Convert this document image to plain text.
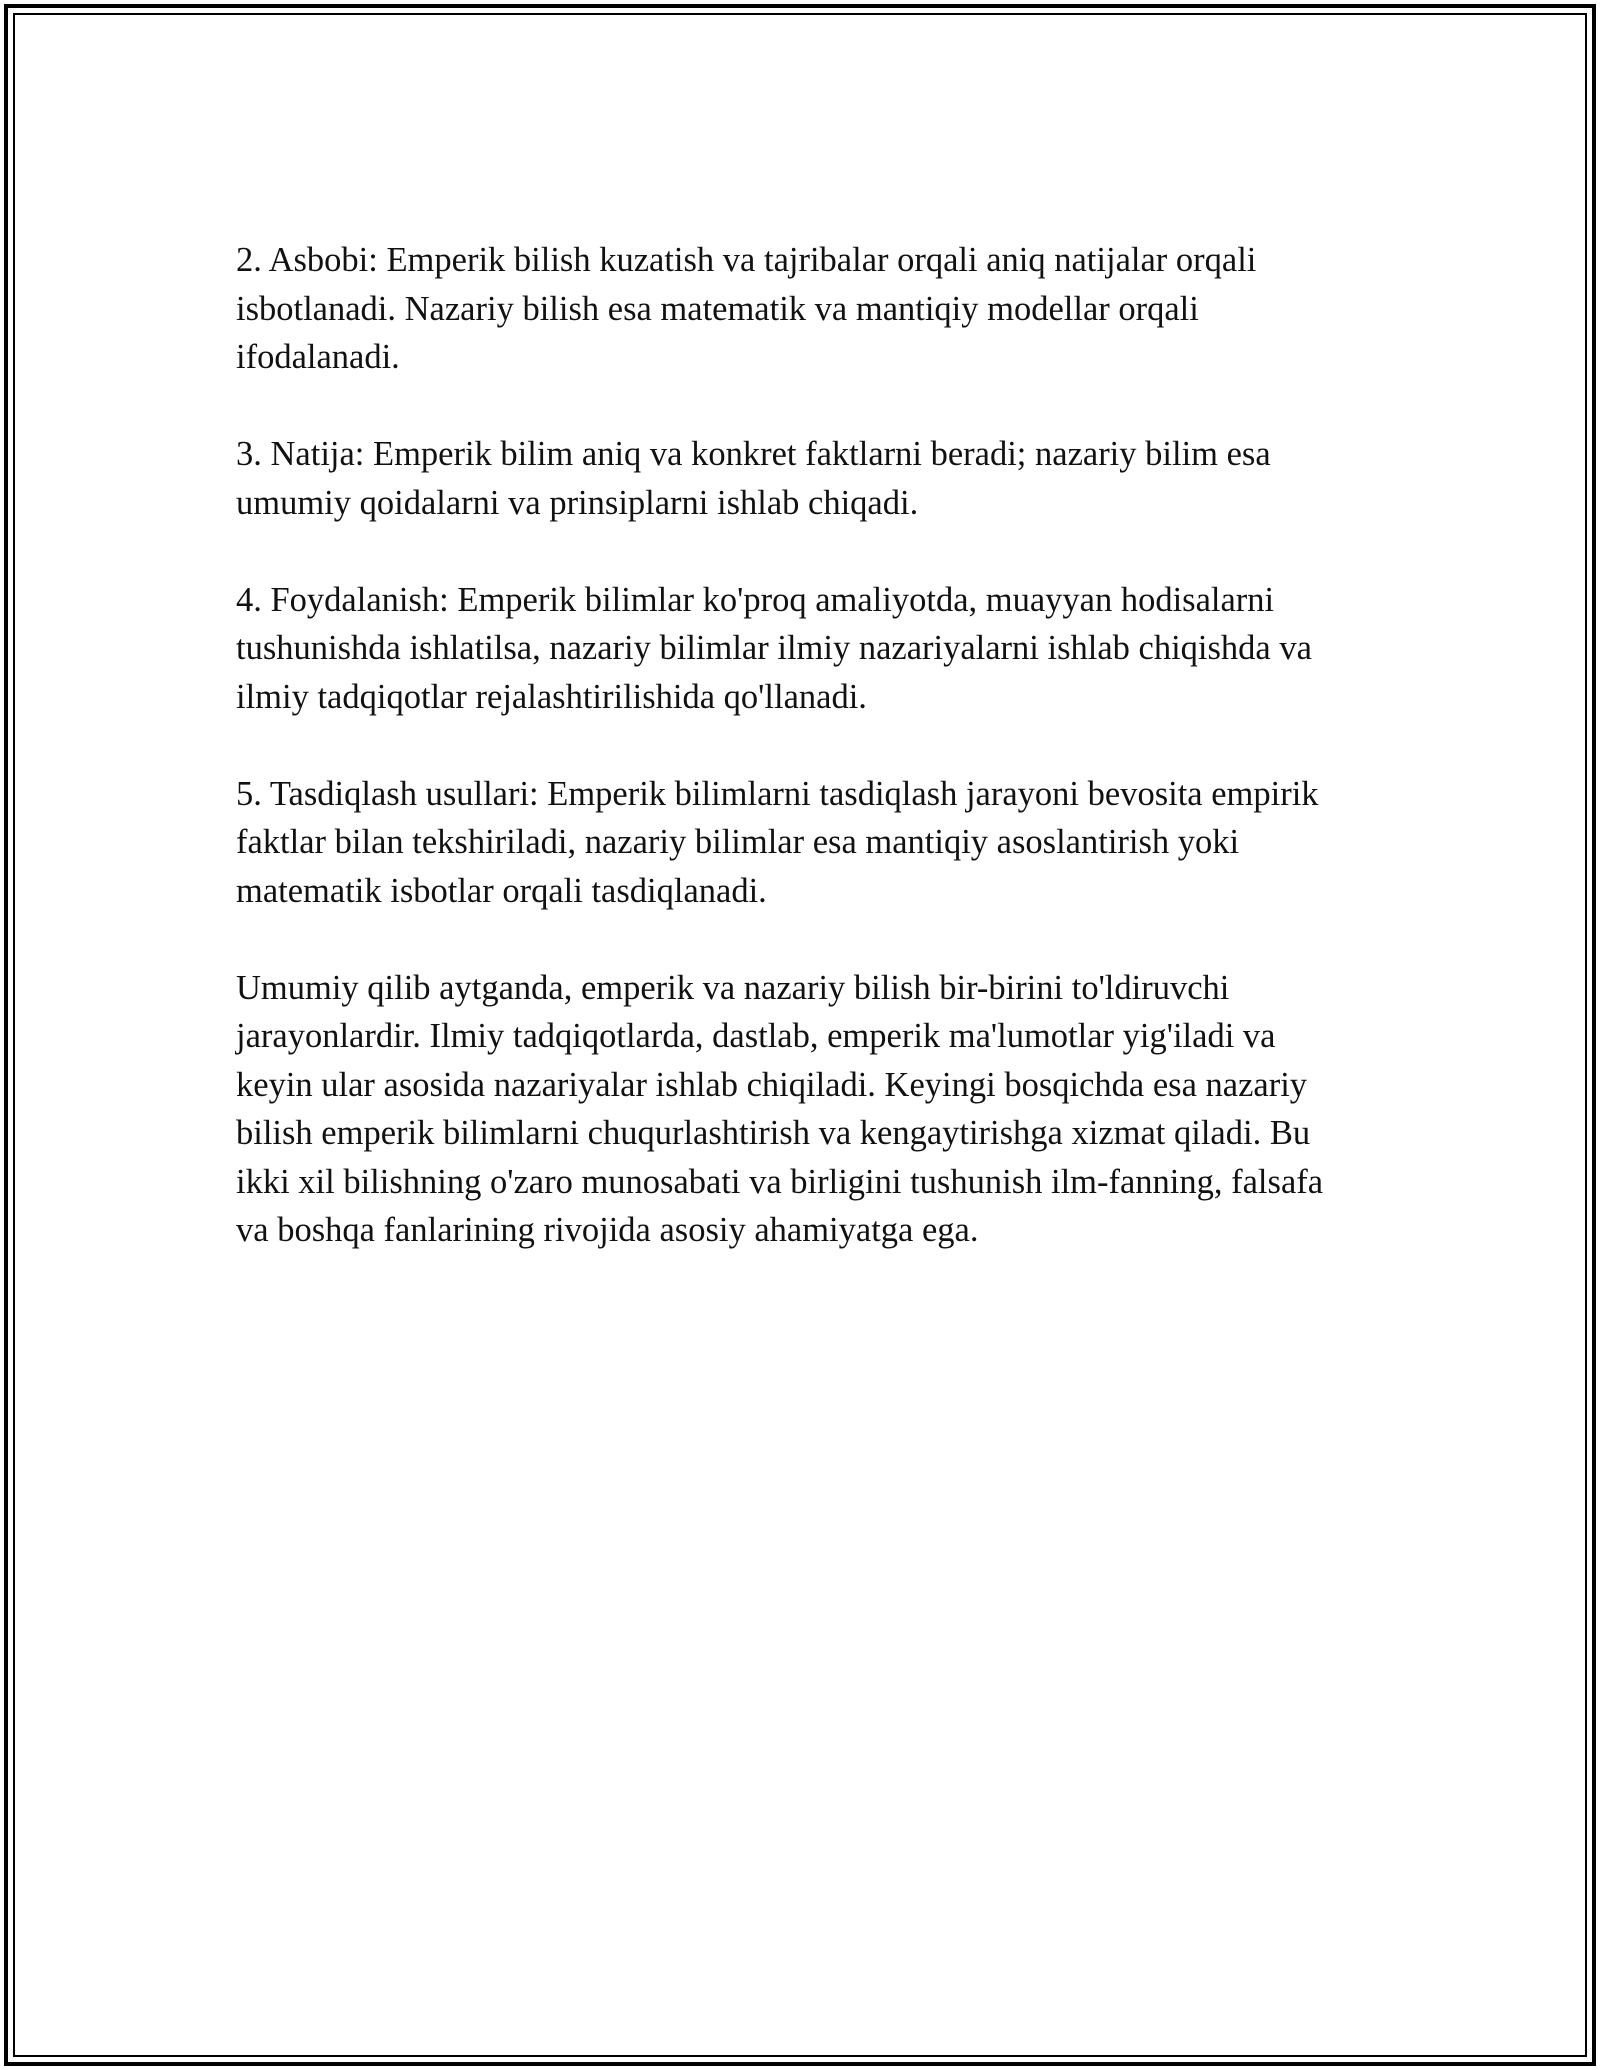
2. Asbobi: Emperik bilish kuzatish va tajribalar orqali aniq natijalar orqali isbotlanadi. Nazariy bilish esa matematik va mantiqiy modellar orqali ifodalanadi.

3. Natija: Emperik bilim aniq va konkret faktlarni beradi; nazariy bilim esa umumiy qoidalarni va prinsiplarni ishlab chiqadi.

4. Foydalanish: Emperik bilimlar ko'proq amaliyotda, muayyan hodisalarni tushunishda ishlatilsa, nazariy bilimlar ilmiy nazariyalarni ishlab chiqishda va ilmiy tadqiqotlar rejalashtirilishida qo'llanadi.

5. Tasdiqlash usullari: Emperik bilimlarni tasdiqlash jarayoni bevosita empirik faktlar bilan tekshiriladi, nazariy bilimlar esa mantiqiy asoslantirish yoki matematik isbotlar orqali tasdiqlanadi.

Umumiy qilib aytganda, emperik va nazariy bilish bir-birini to'ldiruvchi jarayonlardir. Ilmiy tadqiqotlarda, dastlab, emperik ma'lumotlar yig'iladi va keyin ular asosida nazariyalar ishlab chiqiladi. Keyingi bosqichda esa nazariy bilish emperik bilimlarni chuqurlashtirish va kengaytirishga xizmat qiladi. Bu ikki xil bilishning o'zaro munosabati va birligini tushunish ilm-fanning, falsafa va boshqa fanlarining rivojida asosiy ahamiyatga ega.
